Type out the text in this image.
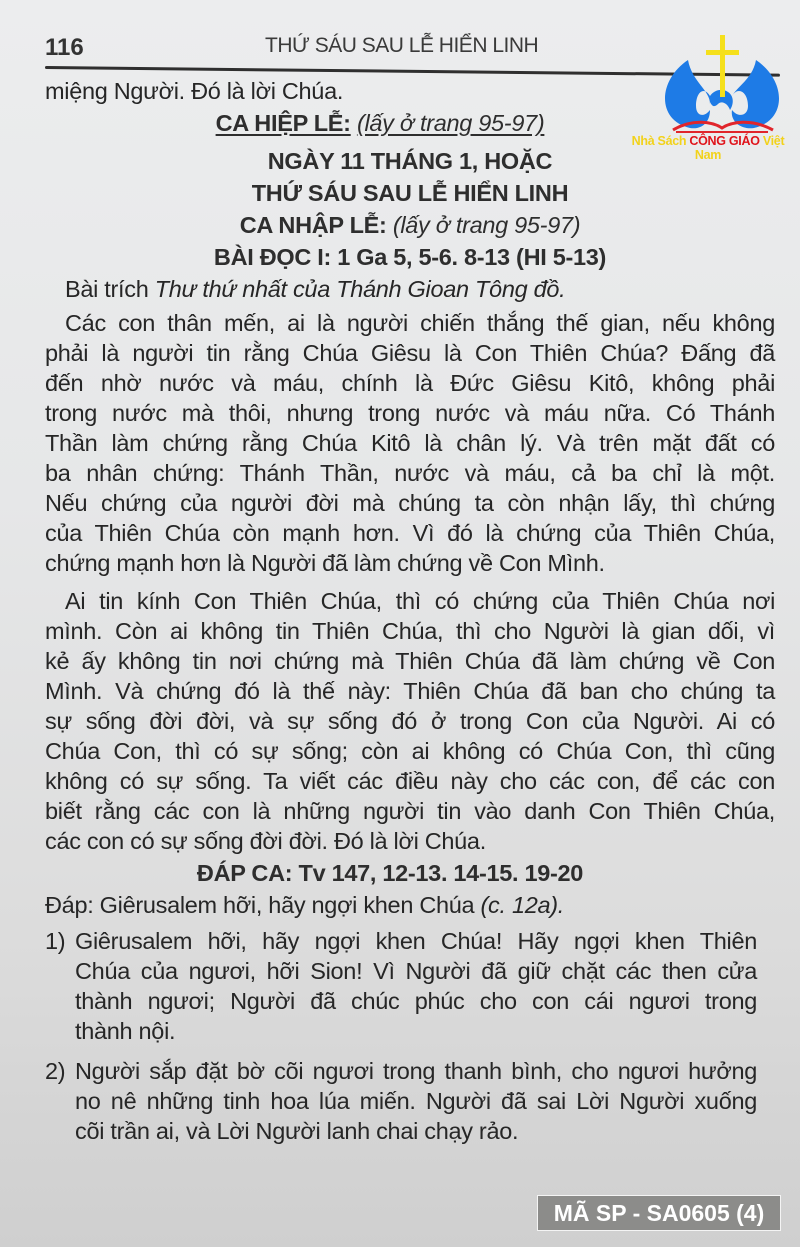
116	THỨ SÁU SAU LỄ HIỂN LINH
Nhà Sách CÔNG GIÁO Việt Nam
miệng Người. Đó là lời Chúa.
CA HIỆP LỄ: (lấy ở trang 95-97)
NGÀY 11 THÁNG 1, HOẶC
THỨ SÁU SAU LỄ HIỂN LINH
CA NHẬP LỄ: (lấy ở trang 95-97)
BÀI ĐỌC I: 1 Ga 5, 5-6. 8-13 (HI 5-13)
Bài trích Thư thứ nhất của Thánh Gioan Tông đồ.
Các con thân mến, ai là người chiến thắng thế gian, nếu không
phải là người tin rằng Chúa Giêsu là Con Thiên Chúa? Đấng đã
đến nhờ nước và máu, chính là Đức Giêsu Kitô, không phải
trong nước mà thôi, nhưng trong nước và máu nữa. Có Thánh
Thần làm chứng rằng Chúa Kitô là chân lý. Và trên mặt đất có
ba nhân chứng: Thánh Thần, nước và máu, cả ba chỉ là một.
Nếu chứng của người đời mà chúng ta còn nhận lấy, thì chứng
của Thiên Chúa còn mạnh hơn. Vì đó là chứng của Thiên Chúa,
chứng mạnh hơn là Người đã làm chứng về Con Mình.
Ai tin kính Con Thiên Chúa, thì có chứng của Thiên Chúa nơi
mình. Còn ai không tin Thiên Chúa, thì cho Người là gian dối, vì
kẻ ấy không tin nơi chứng mà Thiên Chúa đã làm chứng về Con
Mình. Và chứng đó là thế này: Thiên Chúa đã ban cho chúng ta
sự sống đời đời, và sự sống đó ở trong Con của Người. Ai có
Chúa Con, thì có sự sống; còn ai không có Chúa Con, thì cũng
không có sự sống. Ta viết các điều này cho các con, để các con
biết rằng các con là những người tin vào danh Con Thiên Chúa,
các con có sự sống đời đời. Đó là lời Chúa.
ĐÁP CA: Tv 147, 12-13. 14-15. 19-20
Đáp: Giêrusalem hỡi, hãy ngợi khen Chúa (c. 12a).
1) Giêrusalem hỡi, hãy ngợi khen Chúa! Hãy ngợi khen Thiên
Chúa của ngươi, hỡi Sion! Vì Người đã giữ chặt các then cửa
thành ngươi; Người đã chúc phúc cho con cái ngươi trong
thành nội.
2) Người sắp đặt bờ cõi ngươi trong thanh bình, cho ngươi hưởng
no nê những tinh hoa lúa miến. Người đã sai Lời Người xuống
cõi trần ai, và Lời Người lanh chai chạy rảo.
MÃ SP - SA0605 (4)
